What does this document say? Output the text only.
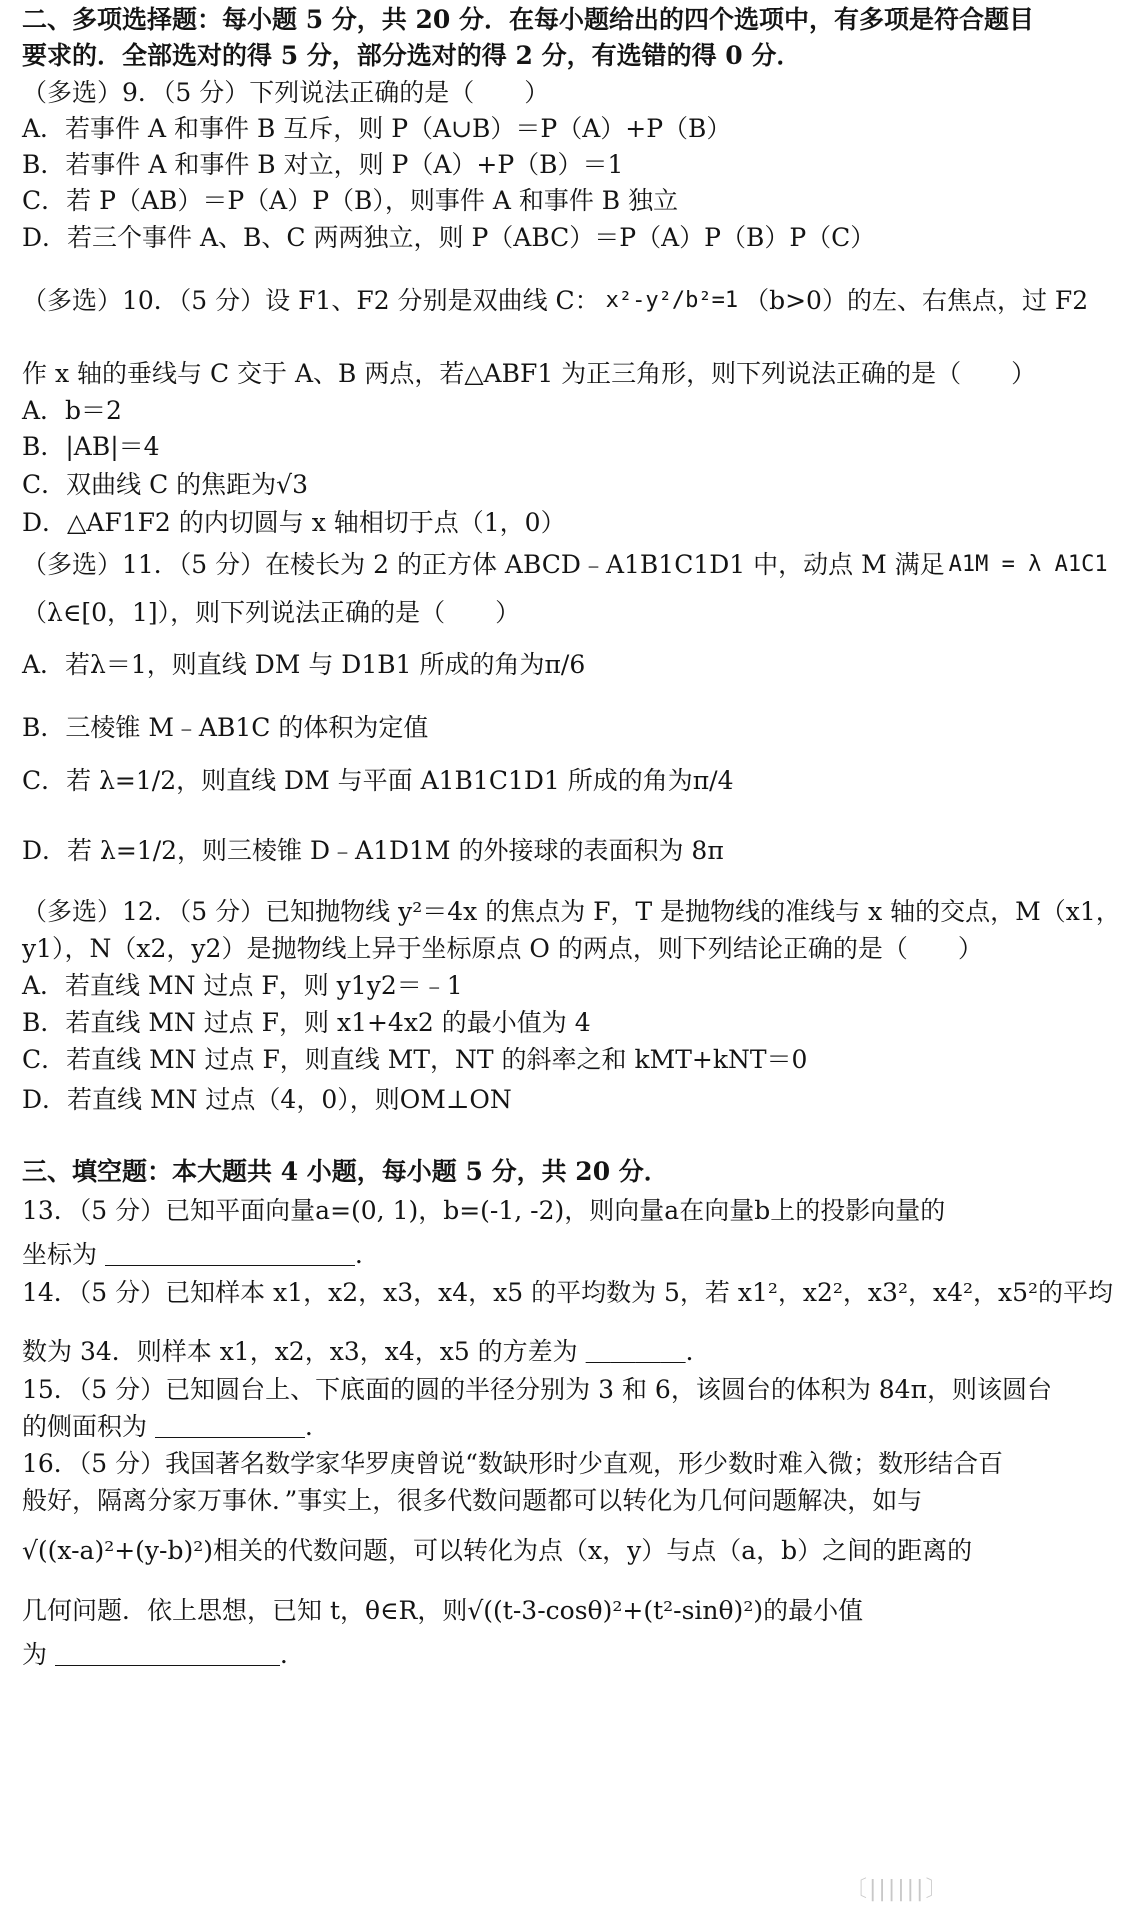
二、多项选择题：每小题 5 分，共 20 分．在每小题给出的四个选项中，有多项是符合题目
要求的．全部选对的得 5 分，部分选对的得 2 分，有选错的得 0 分．
（多选）9．（5 分）下列说法正确的是（　　）
A．若事件 A 和事件 B 互斥，则 P（A∪B）＝P（A）+P（B）
B．若事件 A 和事件 B 对立，则 P（A）+P（B）＝1
C．若 P（AB）＝P（A）P（B），则事件 A 和事件 B 独立
D．若三个事件 A、B、C 两两独立，则 P（ABC）＝P（A）P（B）P（C）
（多选）10．（5 分）设 F1、F2 分别是双曲线 C： x²-y²/b²=1 （b>0）的左、右焦点，过 F2
作 x 轴的垂线与 C 交于 A、B 两点，若△ABF1 为正三角形，则下列说法正确的是（　　）
A．b＝2
B．|AB|＝4
C．双曲线 C 的焦距为√3
D．△AF1F2 的内切圆与 x 轴相切于点（1，0）
（多选）11．（5 分）在棱长为 2 的正方体 ABCD﹣A1B1C1D1 中，动点 M 满足 A1M = λ A1C1
（λ∈[0，1]），则下列说法正确的是（　　）
A．若λ＝1，则直线 DM 与 D1B1 所成的角为π/6
B．三棱锥 M﹣AB1C 的体积为定值
C．若 λ=1/2，则直线 DM 与平面 A1B1C1D1 所成的角为π/4
D．若 λ=1/2，则三棱锥 D﹣A1D1M 的外接球的表面积为 8π
（多选）12．（5 分）已知抛物线 y²＝4x 的焦点为 F，T 是抛物线的准线与 x 轴的交点，M（x1，
y1），N（x2，y2）是抛物线上异于坐标原点 O 的两点，则下列结论正确的是（　　）
A．若直线 MN 过点 F，则 y1y2＝﹣1
B．若直线 MN 过点 F，则 x1+4x2 的最小值为 4
C．若直线 MN 过点 F，则直线 MT，NT 的斜率之和 kMT+kNT＝0
D．若直线 MN 过点（4，0），则OM⊥ON
三、填空题：本大题共 4 小题，每小题 5 分，共 20 分．
13．（5 分）已知平面向量a=(0, 1)，b=(-1, -2)，则向量a在向量b上的投影向量的
坐标为 ＿＿＿＿＿＿＿＿＿＿．
14．（5 分）已知样本 x1，x2，x3，x4，x5 的平均数为 5，若 x1²，x2²，x3²，x4²，x5²的平均
数为 34．则样本 x1，x2，x3，x4，x5 的方差为 ＿＿＿＿．
15．（5 分）已知圆台上、下底面的圆的半径分别为 3 和 6，该圆台的体积为 84π，则该圆台
的侧面积为 ＿＿＿＿＿＿．
16．（5 分）我国著名数学家华罗庚曾说“数缺形时少直观，形少数时难入微；数形结合百
般好，隔离分家万事休．”事实上，很多代数问题都可以转化为几何问题解决，如与
√((x-a)²+(y-b)²)相关的代数问题，可以转化为点（x，y）与点（a，b）之间的距离的
几何问题．依上思想，已知 t，θ∈R，则√((t-3-cosθ)²+(t²-sinθ)²)的最小值
为 ＿＿＿＿＿＿＿＿＿．
〔||||||〕
